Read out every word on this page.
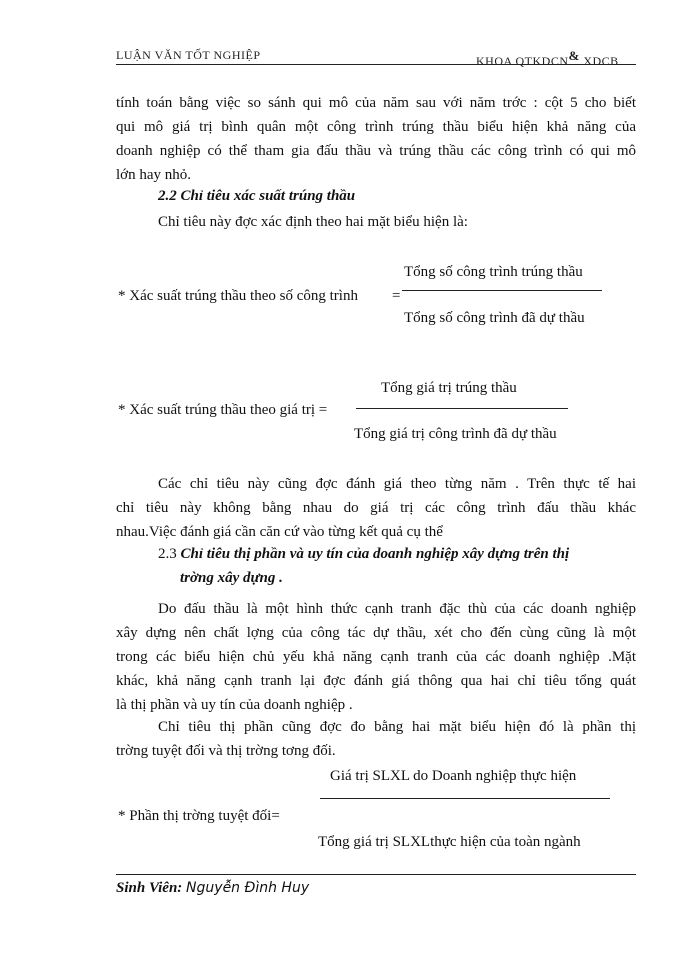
LUẬN VĂN TỐT NGHIỆP	KHOA QTKDCN& XDCB
tính toán bằng việc so sánh qui mô của năm sau với năm trớc : cột 5 cho biết
qui mô giá trị bình quân một công trình trúng thầu biểu hiện khả năng của
doanh nghiệp có thể tham gia đấu thầu và trúng thầu các công trình có qui mô
lớn hay nhỏ.
2.2 Chỉ tiêu xác suất trúng thầu
Chỉ tiêu này đợc xác định theo hai mặt biểu hiện là:
Tổng số công trình trúng thầu
* Xác suất trúng thầu theo số công trình =
Tổng số công trình đã dự thầu
Tổng giá trị trúng thầu
* Xác suất trúng thầu theo giá trị =
Tổng giá trị công trình đã dự thầu
Các chỉ tiêu này cũng đợc đánh giá theo từng năm . Trên thực tế hai
chỉ tiêu này không bằng nhau do giá trị các công trình đấu thầu khác
nhau.Việc đánh giá cần căn cứ vào từng kết quả cụ thể
2.3 Chỉ tiêu thị phần và uy tín của doanh nghiệp xây dựng trên thị
trờng xây dựng .
Do đấu thầu là một hình thức cạnh tranh đặc thù của các doanh nghiệp
xây dựng nên chất lợng của công tác dự thầu, xét cho đến cùng cũng là một
trong các biểu hiện chủ yếu khả năng cạnh tranh của các doanh nghiệp .Mặt
khác, khả năng cạnh tranh lại đợc đánh giá thông qua hai chỉ tiêu tổng quát
là thị phần và uy tín của doanh nghiệp .
Chỉ tiêu thị phần cũng đợc đo bằng hai mặt biểu hiện đó là phần thị
trờng tuyệt đối và thị trờng tơng đối.
Giá trị SLXL do Doanh nghiệp thực hiện
* Phần thị trờng tuyệt đối=
Tổng giá trị SLXLthực hiện của toàn ngành
Sinh Viên: Nguyễn Đình Huy
